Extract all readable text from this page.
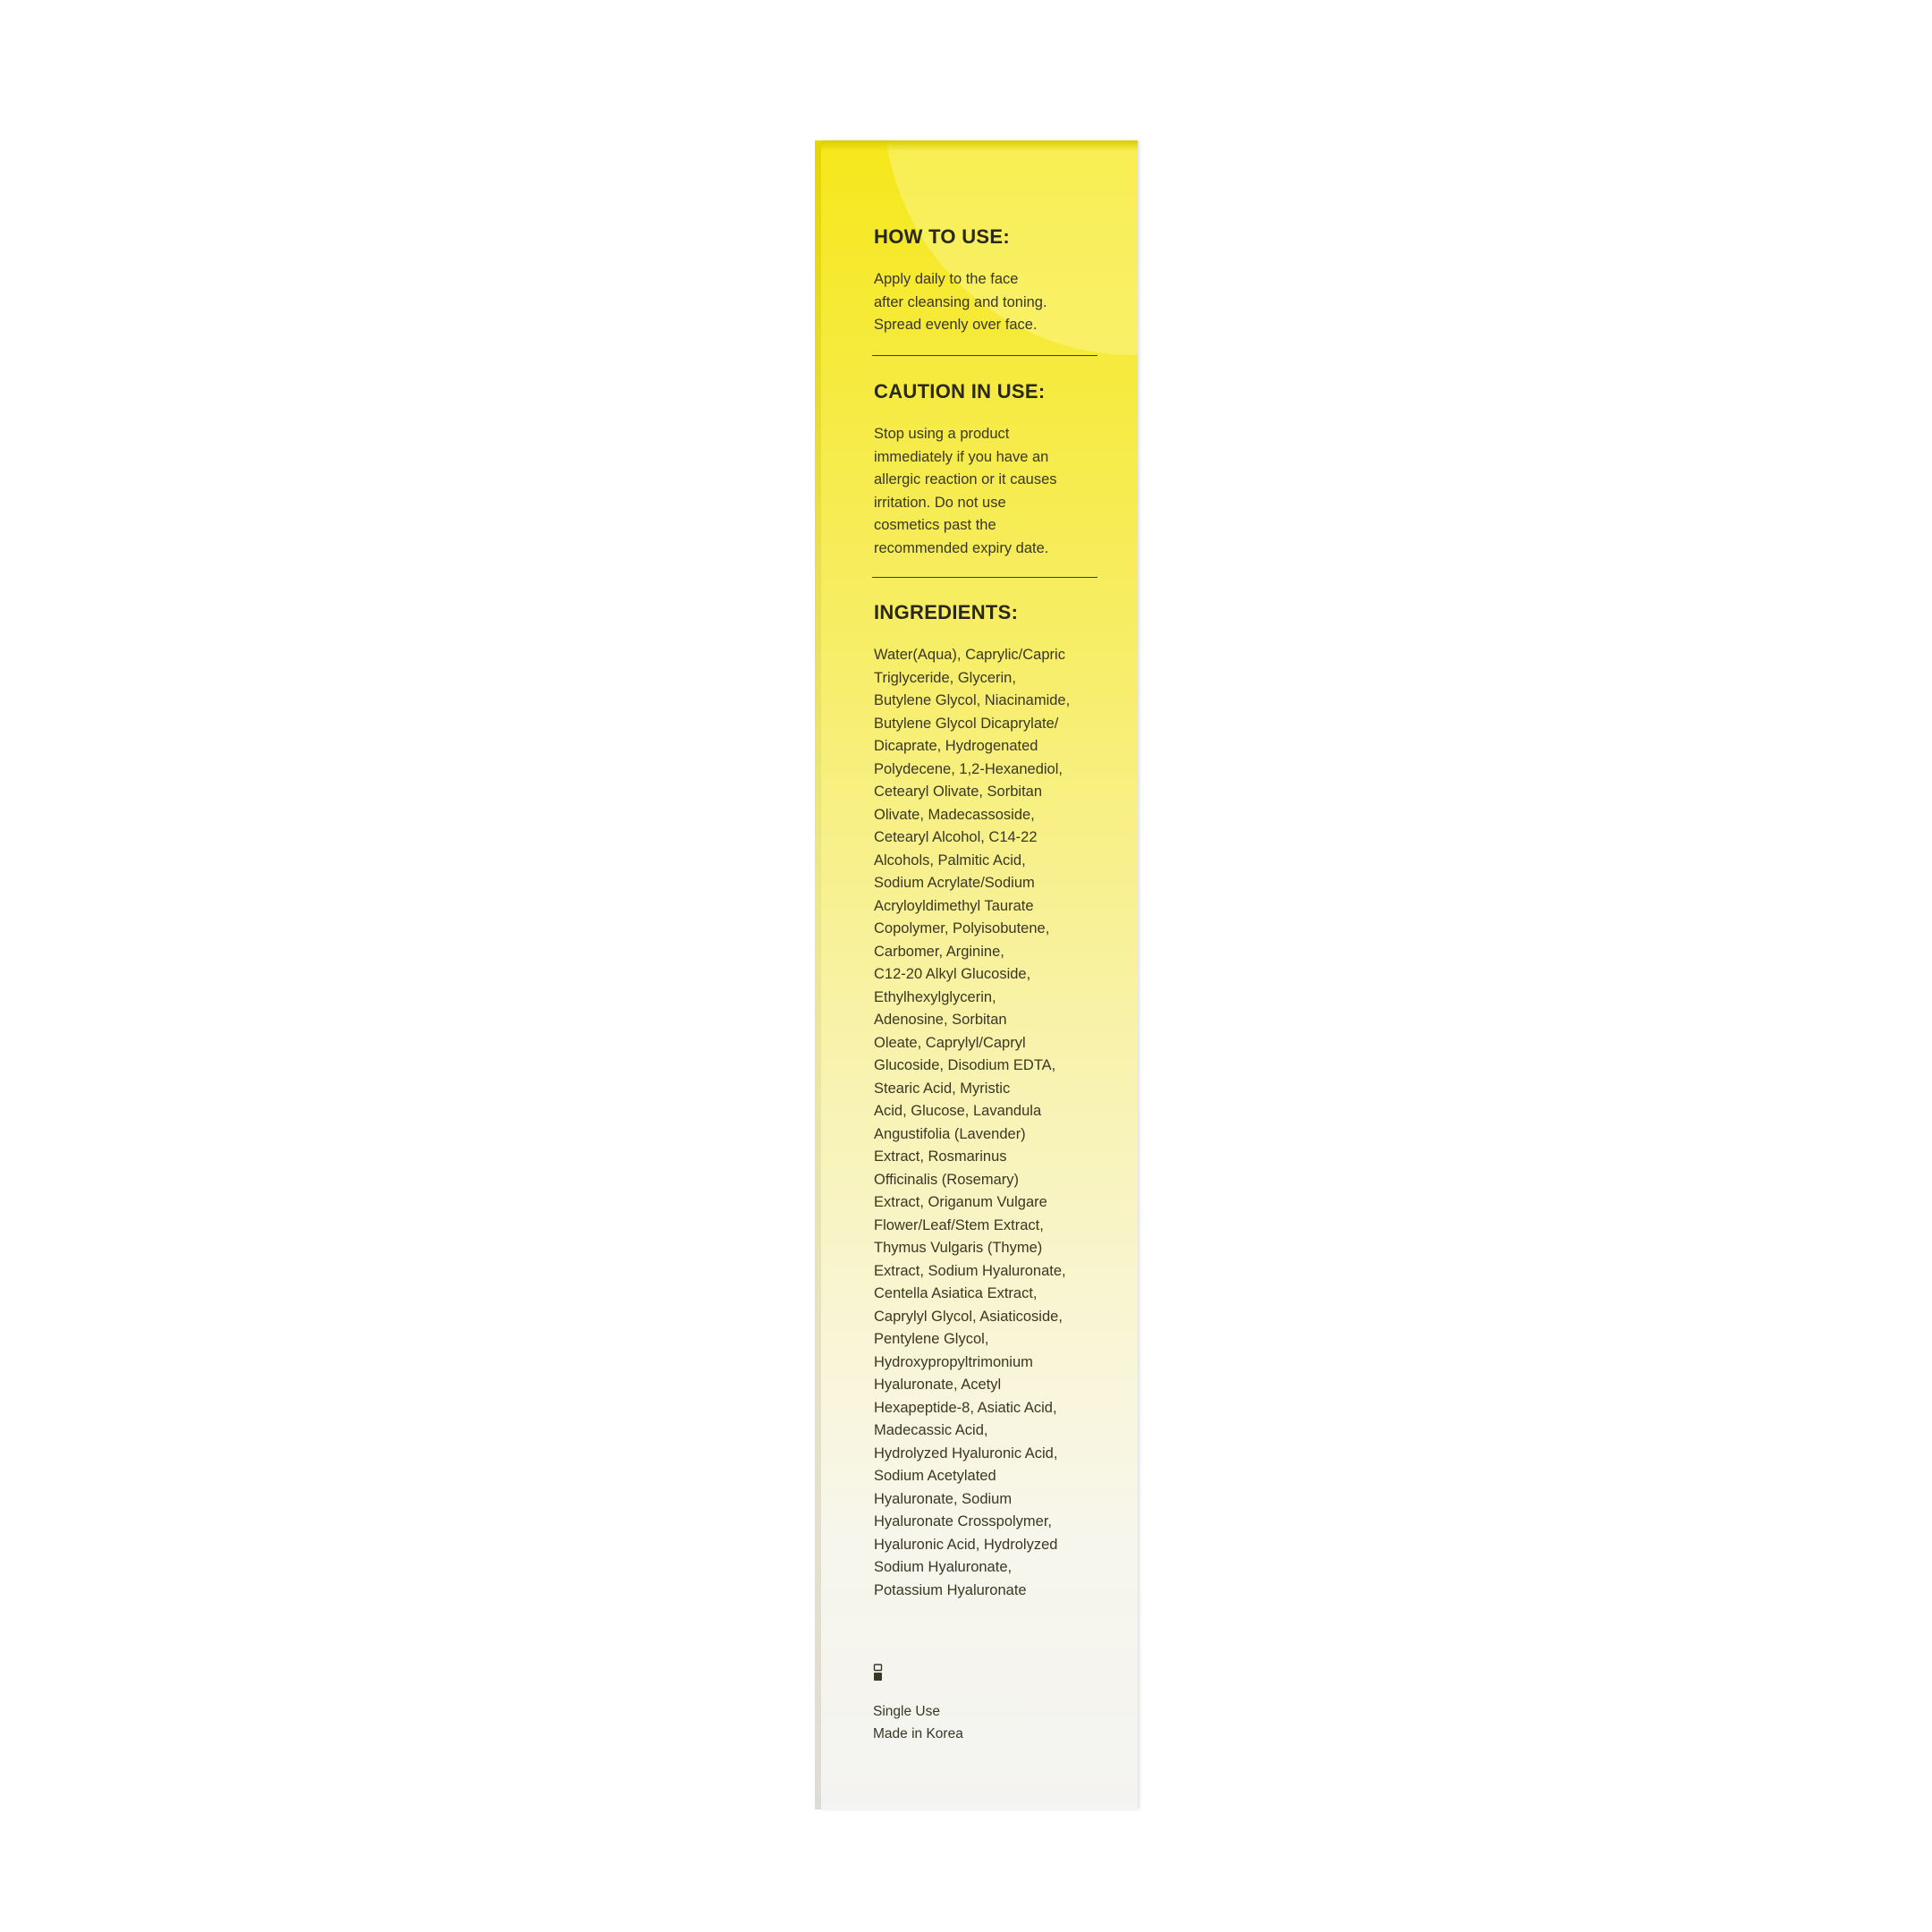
HOW TO USE:

Apply daily to the face
after cleansing and toning.
Spread evenly over face.

CAUTION IN USE:

Stop using a product
immediately if you have an
allergic reaction or it causes
irritation. Do not use
cosmetics past the
recommended expiry date.

INGREDIENTS:

Water(Aqua), Caprylic/Capric
Triglyceride, Glycerin,
Butylene Glycol, Niacinamide,
Butylene Glycol Dicaprylate/
Dicaprate, Hydrogenated
Polydecene, 1,2-Hexanediol,
Cetearyl Olivate, Sorbitan
Olivate, Madecassoside,
Cetearyl Alcohol, C14-22
Alcohols, Palmitic Acid,
Sodium Acrylate/Sodium
Acryloyldimethyl Taurate
Copolymer, Polyisobutene,
Carbomer, Arginine,
C12-20 Alkyl Glucoside,
Ethylhexylglycerin,
Adenosine, Sorbitan
Oleate, Caprylyl/Capryl
Glucoside, Disodium EDTA,
Stearic Acid, Myristic
Acid, Glucose, Lavandula
Angustifolia (Lavender)
Extract, Rosmarinus
Officinalis (Rosemary)
Extract, Origanum Vulgare
Flower/Leaf/Stem Extract,
Thymus Vulgaris (Thyme)
Extract, Sodium Hyaluronate,
Centella Asiatica Extract,
Caprylyl Glycol, Asiaticoside,
Pentylene Glycol,
Hydroxypropyltrimonium
Hyaluronate, Acetyl
Hexapeptide-8, Asiatic Acid,
Madecassic Acid,
Hydrolyzed Hyaluronic Acid,
Sodium Acetylated
Hyaluronate, Sodium
Hyaluronate Crosspolymer,
Hyaluronic Acid, Hydrolyzed
Sodium Hyaluronate,
Potassium Hyaluronate

Single Use
Made in Korea
